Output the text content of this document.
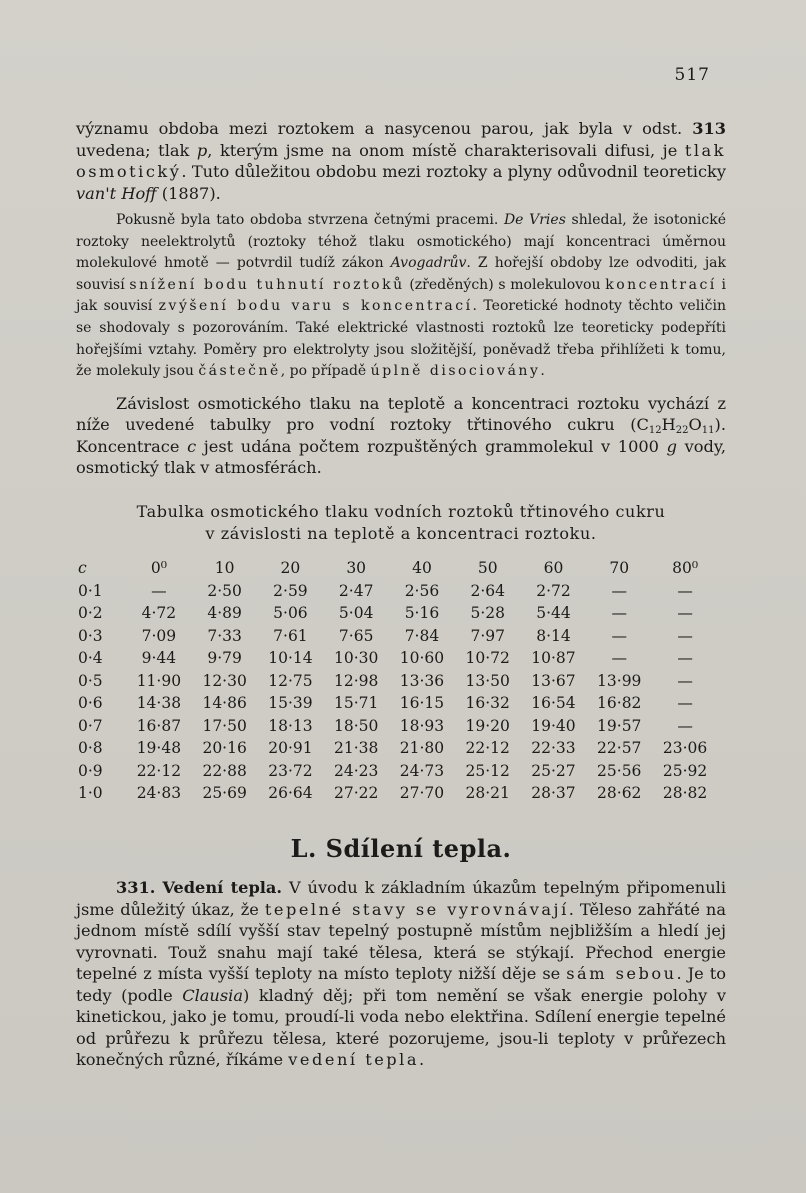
517

významu obdoba mezi roztokem a nasycenou parou, jak byla v odst. 313 uvedena; tlak p, kterým jsme na onom místě charakterisovali difusi, je tlak osmotický. Tuto důležitou obdobu mezi roztoky a plyny odůvodnil teoreticky van't Hoff (1887).

Pokusně byla tato obdoba stvrzena četnými pracemi. De Vries shledal, že isotonické roztoky neelektrolytů (roztoky téhož tlaku osmotického) mají koncentraci úměrnou molekulové hmotě — potvrdil tudíž zákon Avogadrův. Z hořejší obdoby lze odvoditi, jak souvisí snížení bodu tuhnutí roztoků (zředěných) s molekulovou koncentrací i jak souvisí zvýšení bodu varu s koncentrací. Teoretické hodnoty těchto veličin se shodovaly s pozorováním. Také elektrické vlastnosti roztoků lze teoreticky podepříti hořejšími vztahy. Poměry pro elektrolyty jsou složitější, poněvadž třeba přihlížeti k tomu, že molekuly jsou částečně, po případě úplně disociovány.

Závislost osmotického tlaku na teplotě a koncentraci roztoku vychází z níže uvedené tabulky pro vodní roztoky třtinového cukru $(C_{12}H_{22}O_{11})$. Koncentrace c jest udána počtem rozpuštěných grammolekul v 1000 g vody, osmotický tlak v atmosférách.

Tabulka osmotického tlaku vodních roztoků třtinového cukru
v závislosti na teplotě a koncentraci roztoku.
c	0⁰	10	20	30	40	50	60	70	80⁰
0·1	—	2·50	2·59	2·47	2·56	2·64	2·72	—	—
0·2	4·72	4·89	5·06	5·04	5·16	5·28	5·44	—	—
0·3	7·09	7·33	7·61	7·65	7·84	7·97	8·14	—	—
0·4	9·44	9·79	10·14	10·30	10·60	10·72	10·87	—	—
0·5	11·90	12·30	12·75	12·98	13·36	13·50	13·67	13·99	—
0·6	14·38	14·86	15·39	15·71	16·15	16·32	16·54	16·82	—
0·7	16·87	17·50	18·13	18·50	18·93	19·20	19·40	19·57	—
0·8	19·48	20·16	20·91	21·38	21·80	22·12	22·33	22·57	23·06
0·9	22·12	22·88	23·72	24·23	24·73	25·12	25·27	25·56	25·92
1·0	24·83	25·69	26·64	27·22	27·70	28·21	28·37	28·62	28·82
L. Sdílení tepla.

331. Vedení tepla. V úvodu k základním úkazům tepelným připomenuli jsme důležitý úkaz, že tepelné stavy se vyrovnávají. Těleso zahřáté na jednom místě sdílí vyšší stav tepelný postupně místům nejbližším a hledí jej vyrovnati. Touž snahu mají také tělesa, která se stýkají. Přechod energie tepelné z místa vyšší teploty na místo teploty nižší děje se sám sebou. Je to tedy (podle Clausia) kladný děj; při tom nemění se však energie polohy v kinetickou, jako je tomu, proudí-li voda nebo elektřina. Sdílení energie tepelné od průřezu k průřezu tělesa, které pozorujeme, jsou-li teploty v průřezech konečných různé, říkáme vedení tepla.
